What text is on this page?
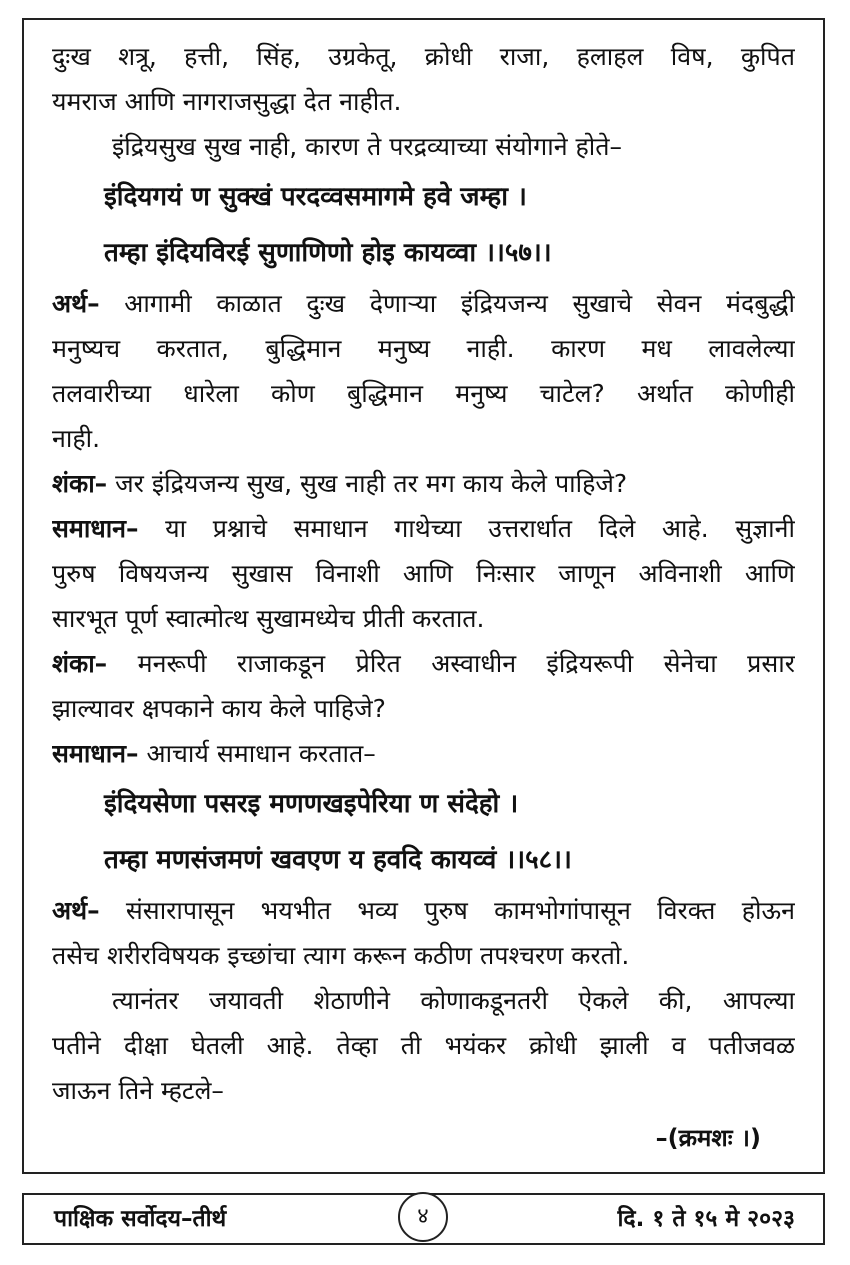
दुःख शत्रू, हत्ती, सिंह, उग्रकेतू, क्रोधी राजा, हलाहल विष, कुपित
यमराज आणि नागराजसुद्धा देत नाहीत.
इंद्रियसुख सुख नाही, कारण ते परद्रव्याच्या संयोगाने होते–
इंदियगयं ण सुक्खं परदव्वसमागमे हवे जम्हा ।
तम्हा इंदियविरई सुणाणिणो होइ कायव्वा ।।५७।।
अर्थ– आगामी काळात दुःख देणाऱ्या इंद्रियजन्य सुखाचे सेवन मंदबुद्धी
मनुष्यच करतात, बुद्धिमान मनुष्य नाही. कारण मध लावलेल्या
तलवारीच्या धारेला कोण बुद्धिमान मनुष्य चाटेल? अर्थात कोणीही
नाही.
शंका– जर इंद्रियजन्य सुख, सुख नाही तर मग काय केले पाहिजे?
समाधान– या प्रश्नाचे समाधान गाथेच्या उत्तरार्धात दिले आहे. सुज्ञानी
पुरुष विषयजन्य सुखास विनाशी आणि निःसार जाणून अविनाशी आणि
सारभूत पूर्ण स्वात्मोत्थ सुखामध्येच प्रीती करतात.
शंका– मनरूपी राजाकडून प्रेरित अस्वाधीन इंद्रियरूपी सेनेचा प्रसार
झाल्यावर क्षपकाने काय केले पाहिजे?
समाधान– आचार्य समाधान करतात–
इंदियसेणा पसरइ मणणखइपेरिया ण संदेहो ।
तम्हा मणसंजमणं खवएण य हवदि कायव्वं ।।५८।।
अर्थ– संसारापासून भयभीत भव्य पुरुष कामभोगांपासून विरक्त होऊन
तसेच शरीरविषयक इच्छांचा त्याग करून कठीण तपश्चरण करतो.
त्यानंतर जयावती शेठाणीने कोणाकडूनतरी ऐकले की, आपल्या
पतीने दीक्षा घेतली आहे. तेव्हा ती भयंकर क्रोधी झाली व पतीजवळ
जाऊन तिने म्हटले–
–(क्रमशः ।)
पाक्षिक सर्वोदय–तीर्थ	४	दि. १ ते १५ मे २०२३
